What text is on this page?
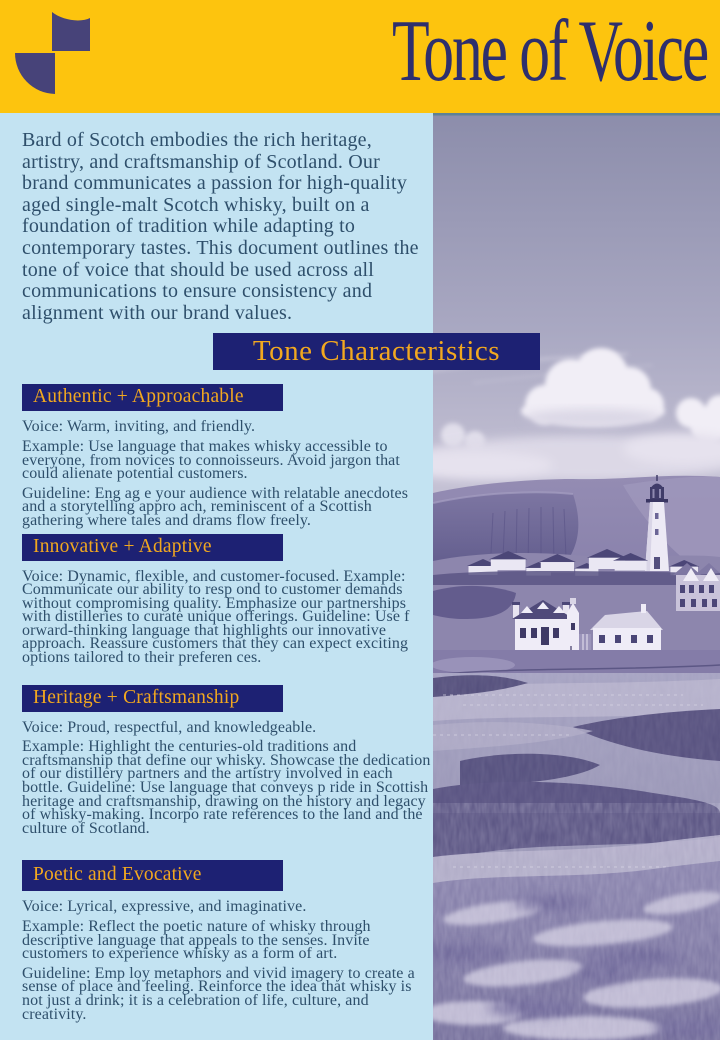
Tone of Voice

Bard of Scotch embodies the rich heritage, artistry, and craftsmanship of Scotland. Our brand communicates a passion for high-quality aged single-malt Scotch whisky, built on a foundation of tradition while adapting to contemporary tastes. This document outlines the tone of voice that should be used across all communications to ensure consistency and alignment with our brand values.

Authentic + Approachable

Voice: Warm, inviting, and friendly.

Example: Use language that makes whisky accessible to everyone, from novices to connoisseurs. Avoid jargon that could alienate potential customers.

Guideline: Eng ag e your audience with relatable anecdotes and a storytelling appro ach, reminiscent of a Scottish gathering where tales and drams flow freely.

Innovative + Adaptive

Voice: Dynamic, flexible, and customer-focused. Example: Communicate our ability to resp ond to customer demands without compromising quality. Emphasize our partnerships with distilleries to curate unique offerings. Guideline: Use f orward-thinking language that highlights our innovative approach. Reassure customers that they can expect exciting options tailored to their preferen ces.

Heritage + Craftsmanship

Voice: Proud, respectful, and knowledgeable.

Example: Highlight the centuries-old traditions and craftsmanship that define our whisky. Showcase the dedication of our distillery partners and the artistry involved in each bottle. Guideline: Use language that conveys p ride in Scottish heritage and craftsmanship, drawing on the history and legacy of whisky-making. Incorpo rate references to the land and the culture of Scotland.

Poetic and Evocative

Voice: Lyrical, expressive, and imaginative.

Example: Reflect the poetic nature of whisky through descriptive language that appeals to the senses. Invite customers to experience whisky as a form of art.

Guideline: Emp loy metaphors and vivid imagery to create a sense of place and feeling. Reinforce the idea that whisky is not just a drink; it is a celebration of life, culture, and creativity.

Tone Characteristics
